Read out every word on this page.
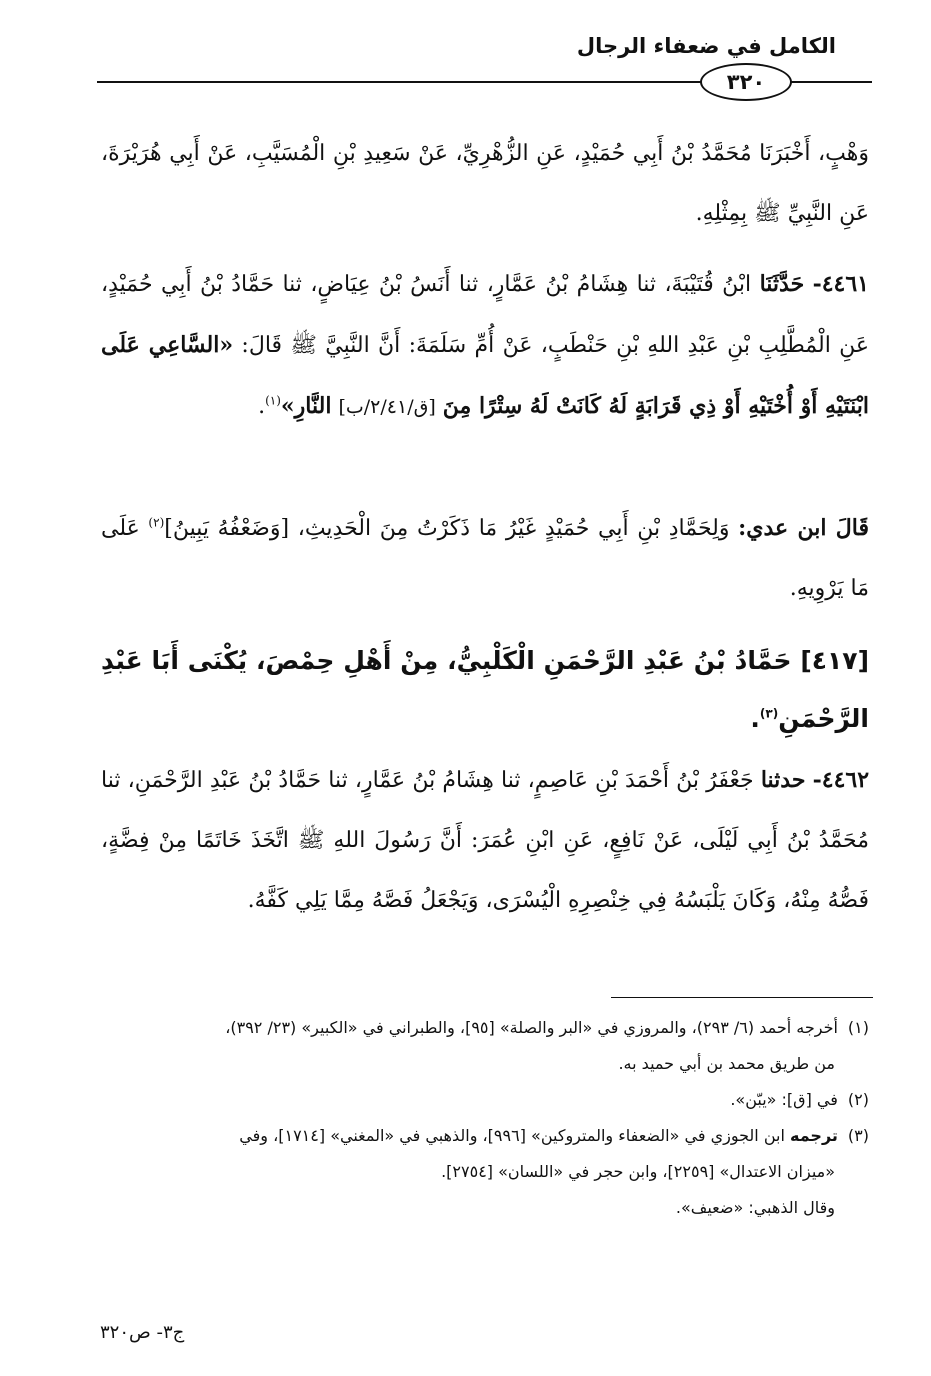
الكامل في ضعفاء الرجال
٣٢٠

وَهْبٍ، أَخْبَرَنَا مُحَمَّدُ بْنُ أَبِي حُمَيْدٍ، عَنِ الزُّهْرِيِّ، عَنْ سَعِيدِ بْنِ الْمُسَيَّبِ، عَنْ أَبِي هُرَيْرَةَ، عَنِ النَّبِيِّ ﷺ بِمِثْلِهِ.

٤٤٦١- حَدَّثَنَا ابْنُ قُتَيْبَةَ، ثنا هِشَامُ بْنُ عَمَّارٍ، ثنا أَنَسُ بْنُ عِيَاضٍ، ثنا حَمَّادُ بْنُ أَبِي حُمَيْدٍ، عَنِ الْمُطَّلِبِ بْنِ عَبْدِ اللهِ بْنِ حَنْطَبٍ، عَنْ أُمِّ سَلَمَةَ: أَنَّ النَّبِيَّ ﷺ قَالَ: «السَّاعِي عَلَى ابْنَتَيْهِ أَوْ أُخْتَيْهِ أَوْ ذِي قَرَابَةٍ لَهُ كَانَتْ لَهُ سِتْرًا مِنَ [ق/٢/٤١/ب] النَّارِ»$^{(١)}$.

قَالَ ابن عدي: وَلِحَمَّادِ بْنِ أَبِي حُمَيْدٍ غَيْرُ مَا ذَكَرْتُ مِنَ الْحَدِيثِ، [وَضَعْفُهُ يَبِينُ]$^{(٢)}$ عَلَى مَا يَرْوِيهِ.

[٤١٧] حَمَّادُ بْنُ عَبْدِ الرَّحْمَنِ الْكَلْبِيُّ، مِنْ أَهْلِ حِمْصَ، يُكْنَى أَبَا عَبْدِ الرَّحْمَنِ$^{(٣)}$.

٤٤٦٢- حدثنا جَعْفَرُ بْنُ أَحْمَدَ بْنِ عَاصِمٍ، ثنا هِشَامُ بْنُ عَمَّارٍ، ثنا حَمَّادُ بْنُ عَبْدِ الرَّحْمَنِ، ثنا مُحَمَّدُ بْنُ أَبِي لَيْلَى، عَنْ نَافِعٍ، عَنِ ابْنِ عُمَرَ: أَنَّ رَسُولَ اللهِ ﷺ اتَّخَذَ خَاتَمًا مِنْ فِضَّةٍ، فَصُّهُ مِنْهُ، وَكَانَ يَلْبَسُهُ فِي خِنْصِرِهِ الْيُسْرَى، وَيَجْعَلُ فَصَّهُ مِمَّا يَلِي كَفَّهُ.

(١)أخرجه أحمد (٦/ ٢٩٣)، والمروزي في «البر والصلة» [٩٥]، والطبراني في «الكبير» (٢٣/ ٣٩٢)،

من طريق محمد بن أبي حميد به.

(٢)في [ق]: «يبّن».

(٣)ترجمه ابن الجوزي في «الضعفاء والمتروكين» [٩٩٦]، والذهبي في «المغني» [١٧١٤]، وفي

«ميزان الاعتدال» [٢٢٥٩]، وابن حجر في «اللسان» [٢٧٥٤].

وقال الذهبي: «ضعيف».

ج٣- ص٣٢٠
